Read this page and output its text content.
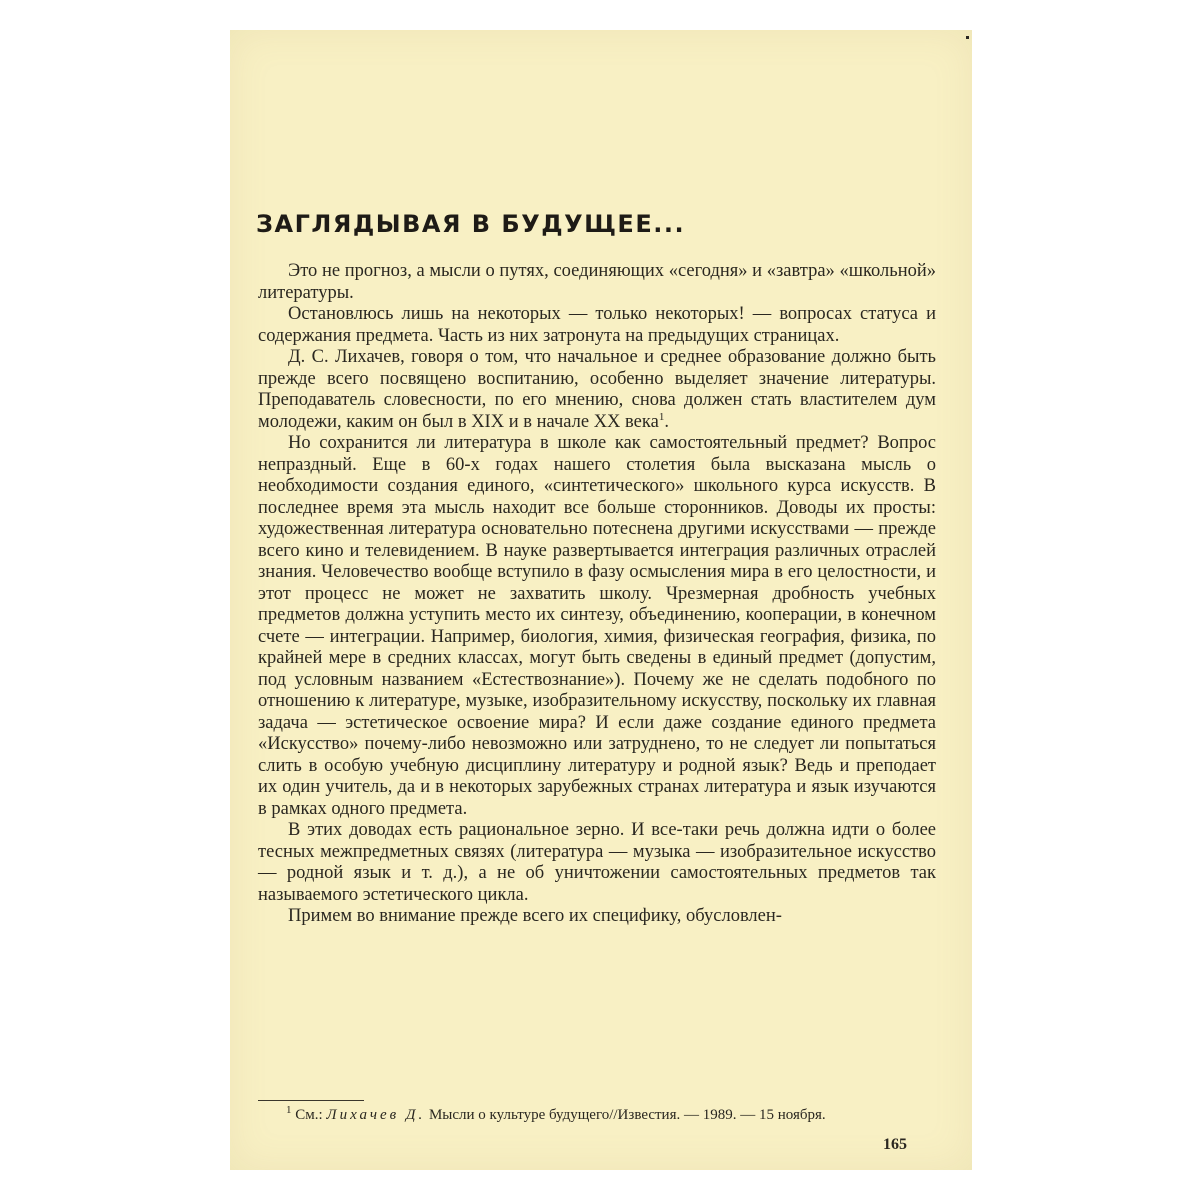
ЗАГЛЯДЫВАЯ В БУДУЩЕЕ...

Это не прогноз, а мысли о путях, соединяющих «сегодня» и «завтра» «школьной» литературы.

Остановлюсь лишь на некоторых — только некоторых! — вопросах статуса и содержания предмета. Часть из них затронута на предыдущих страницах.

Д. С. Лихачев, говоря о том, что начальное и среднее образование должно быть прежде всего посвящено воспитанию, особенно выделяет значение литературы. Преподаватель словесности, по его мнению, снова должен стать властителем дум молодежи, каким он был в XIX и в начале XX века$^1$.

Но сохранится ли литература в школе как самостоятельный предмет? Вопрос непраздный. Еще в 60-х годах нашего столетия была высказана мысль о необходимости создания единого, «синтетического» школьного курса искусств. В последнее время эта мысль находит все больше сторонников. Доводы их просты: художественная литература основательно потеснена другими искусствами — прежде всего кино и телевидением. В науке развертывается интеграция различных отраслей знания. Человечество вообще вступило в фазу осмысления мира в его целостности, и этот процесс не может не захватить школу. Чрезмерная дробность учебных предметов должна уступить место их синтезу, объединению, кооперации, в конечном счете — интеграции. Например, биология, химия, физическая география, физика, по крайней мере в средних классах, могут быть сведены в единый предмет (допустим, под условным названием «Естествознание»). Почему же не сделать подобного по отношению к литературе, музыке, изобразительному искусству, поскольку их главная задача — эстетическое освоение мира? И если даже создание единого предмета «Искусство» почему-либо невозможно или затруднено, то не следует ли попытаться слить в особую учебную дисциплину литературу и родной язык? Ведь и преподает их один учитель, да и в некоторых зарубежных странах литература и язык изучаются в рамках одного предмета.

В этих доводах есть рациональное зерно. И все-таки речь должна идти о более тесных межпредметных связях (литература — музыка — изобразительное искусство — родной язык и т. д.), а не об уничтожении самостоятельных предметов так называемого эстетического цикла.

Примем во внимание прежде всего их специфику, обусловлен-

$^1$ См.: Лихачев Д. Мысли о культуре будущего//Известия. — 1989. — 15 ноября.

165
